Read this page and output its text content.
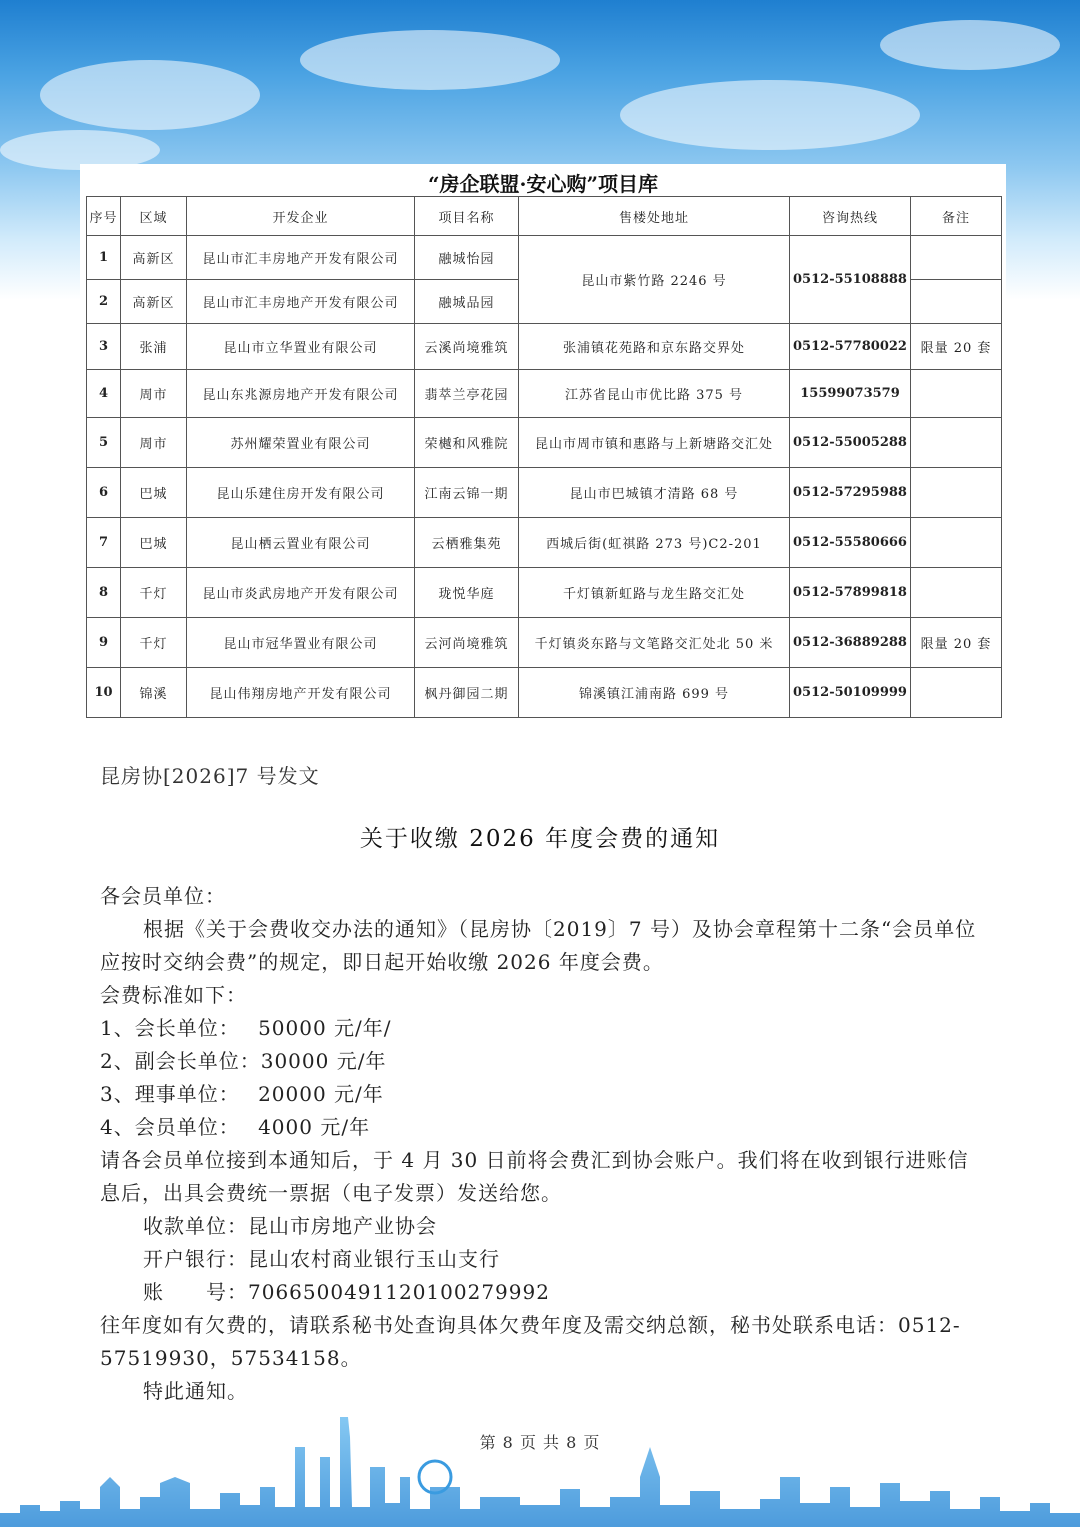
“房企联盟·安心购”项目库
序号	区域	开发企业	项目名称	售楼处地址	咨询热线	备注
1	高新区	昆山市汇丰房地产开发有限公司	融城怡园	昆山市紫竹路 2246 号	0512-55108888	
2	高新区	昆山市汇丰房地产开发有限公司	融城品园			
3	张浦	昆山市立华置业有限公司	云溪尚境雅筑	张浦镇花苑路和京东路交界处	0512-57780022	限量 20 套
4	周市	昆山东兆源房地产开发有限公司	翡萃兰亭花园	江苏省昆山市优比路 375 号	15599073579	
5	周市	苏州耀荣置业有限公司	荣樾和风雅院	昆山市周市镇和惠路与上新塘路交汇处	0512-55005288	
6	巴城	昆山乐建住房开发有限公司	江南云锦一期	昆山市巴城镇才清路 68 号	0512-57295988	
7	巴城	昆山栖云置业有限公司	云栖雅集苑	西城后街(虹祺路 273 号)C2-201	0512-55580666	
8	千灯	昆山市炎武房地产开发有限公司	珑悦华庭	千灯镇新虹路与龙生路交汇处	0512-57899818	
9	千灯	昆山市冠华置业有限公司	云河尚境雅筑	千灯镇炎东路与文笔路交汇处北 50 米	0512-36889288	限量 20 套
10	锦溪	昆山伟翔房地产开发有限公司	枫丹御园二期	锦溪镇江浦南路 699 号	0512-50109999	
昆房协[2026]7 号发文
关于收缴 2026 年度会费的通知

各会员单位：

根据《关于会费收交办法的通知》（昆房协〔2019〕7 号）及协会章程第十二条“会员单位应按时交纳会费”的规定，即日起开始收缴 2026 年度会费。

会费标准如下：

1、会长单位：　 50000 元/年/

2、副会长单位：30000 元/年

3、理事单位：　 20000 元/年

4、会员单位：　 4000 元/年

请各会员单位接到本通知后，于 4 月 30 日前将会费汇到协会账户。我们将在收到银行进账信息后，出具会费统一票据（电子发票）发送给您。

收款单位：昆山市房地产业协会

开户银行：昆山农村商业银行玉山支行

账　　号：706650049112010027999​2

往年度如有欠费的，请联系秘书处查询具体欠费年度及需交纳总额，秘书处联系电话：0512-57519930，57534158。

特此通知。

第 8 页 共 8 页
